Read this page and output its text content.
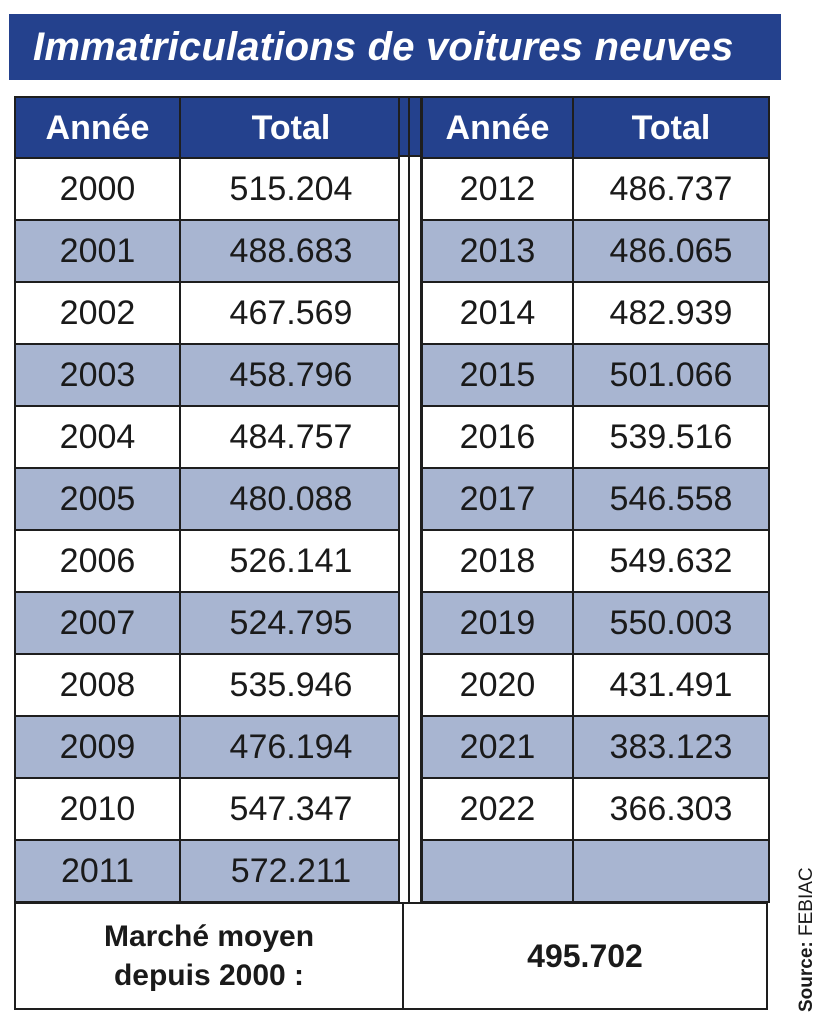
Immatriculations de voitures neuves
Année	Total
2000	515.204
2001	488.683
2002	467.569
2003	458.796
2004	484.757
2005	480.088
2006	526.141
2007	524.795
2008	535.946
2009	476.194
2010	547.347
2011	572.211
Année	Total
2012	486.737
2013	486.065
2014	482.939
2015	501.066
2016	539.516
2017	546.558
2018	549.632
2019	550.003
2020	431.491
2021	383.123
2022	366.303

Marché moyen
depuis 2000 :
495.702	Source: FEBIAC
